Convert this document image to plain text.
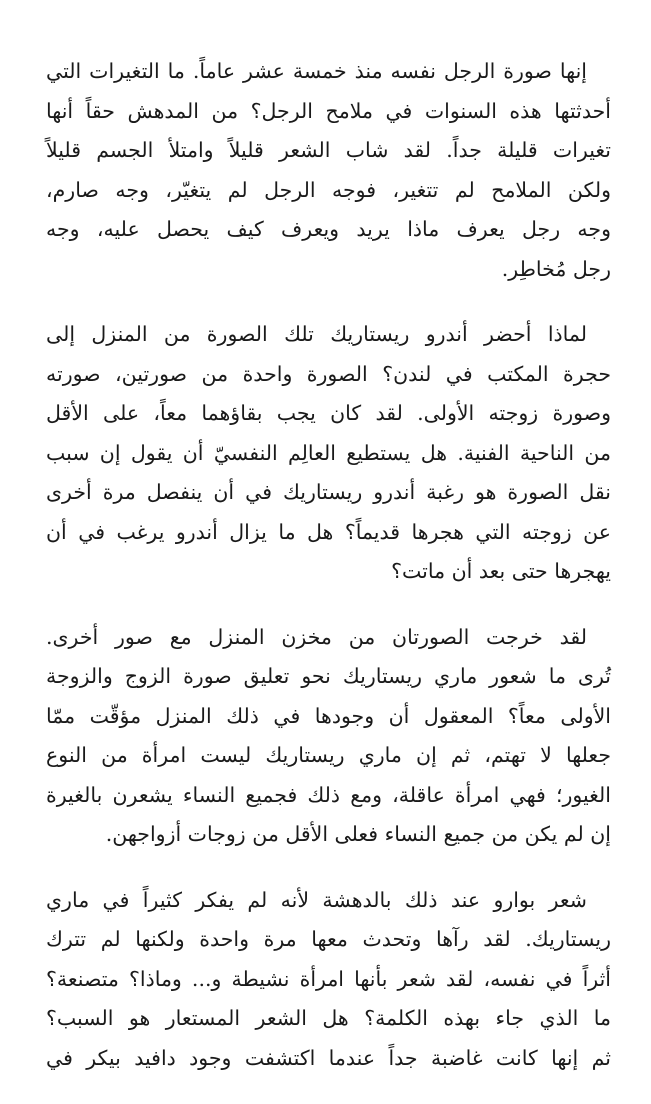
إنها صورة الرجل نفسه منذ خمسة عشر عاماً. ما التغيرات التي
أحدثتها هذه السنوات في ملامح الرجل؟ من المدهش حقاً أنها
تغيرات قليلة جداً. لقد شاب الشعر قليلاً وامتلأ الجسم قليلاً
ولكن الملامح لم تتغير، فوجه الرجل لم يتغيّر، وجه صارم،
وجه رجل يعرف ماذا يريد ويعرف كيف يحصل عليه، وجه
رجل مُخاطِر.

لماذا أحضر أندرو ريستاريك تلك الصورة من المنزل إلى
حجرة المكتب في لندن؟ الصورة واحدة من صورتين، صورته
وصورة زوجته الأولى. لقد كان يجب بقاؤهما معاً، على الأقل
من الناحية الفنية. هل يستطيع العالِم النفسيّ أن يقول إن سبب
نقل الصورة هو رغبة أندرو ريستاريك في أن ينفصل مرة أخرى
عن زوجته التي هجرها قديماً؟ هل ما يزال أندرو يرغب في أن
يهجرها حتى بعد أن ماتت؟

لقد خرجت الصورتان من مخزن المنزل مع صور أخرى.
تُرى ما شعور ماري ريستاريك نحو تعليق صورة الزوج والزوجة
الأولى معاً؟ المعقول أن وجودها في ذلك المنزل مؤقّت ممّا
جعلها لا تهتم، ثم إن ماري ريستاريك ليست امرأة من النوع
الغيور؛ فهي امرأة عاقلة، ومع ذلك فجميع النساء يشعرن بالغيرة
إن لم يكن من جميع النساء فعلى الأقل من زوجات أزواجهن.

شعر بوارو عند ذلك بالدهشة لأنه لم يفكر كثيراً في ماري
ريستاريك. لقد رآها وتحدث معها مرة واحدة ولكنها لم تترك
أثراً في نفسه، لقد شعر بأنها امرأة نشيطة و... وماذا؟ متصنعة؟
ما الذي جاء بهذه الكلمة؟ هل الشعر المستعار هو السبب؟
ثم إنها كانت غاضبة جداً عندما اكتشفت وجود دافيد بيكر في
